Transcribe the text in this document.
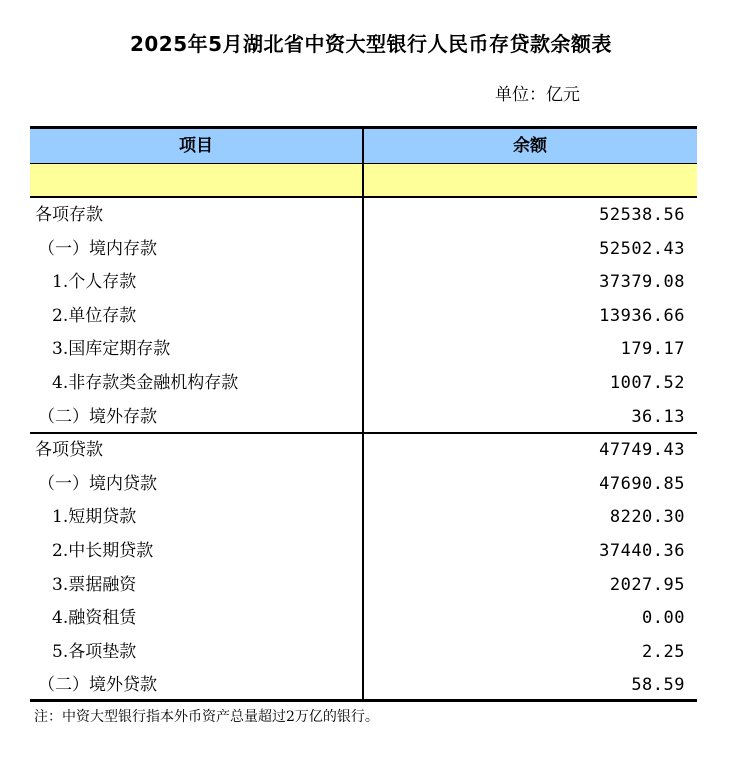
2025年5月湖北省中资大型银行人民币存贷款余额表
单位：亿元
项目	余额
各项存款	52538.56
（一）境内存款	52502.43
1.个人存款	37379.08
2.单位存款	13936.66
3.国库定期存款	179.17
4.非存款类金融机构存款	1007.52
（二）境外存款	36.13
各项贷款	47749.43
（一）境内贷款	47690.85
1.短期贷款	8220.30
2.中长期贷款	37440.36
3.票据融资	2027.95
4.融资租赁	0.00
5.各项垫款	2.25
（二）境外贷款	58.59
注：中资大型银行指本外币资产总量超过2万亿的银行。
